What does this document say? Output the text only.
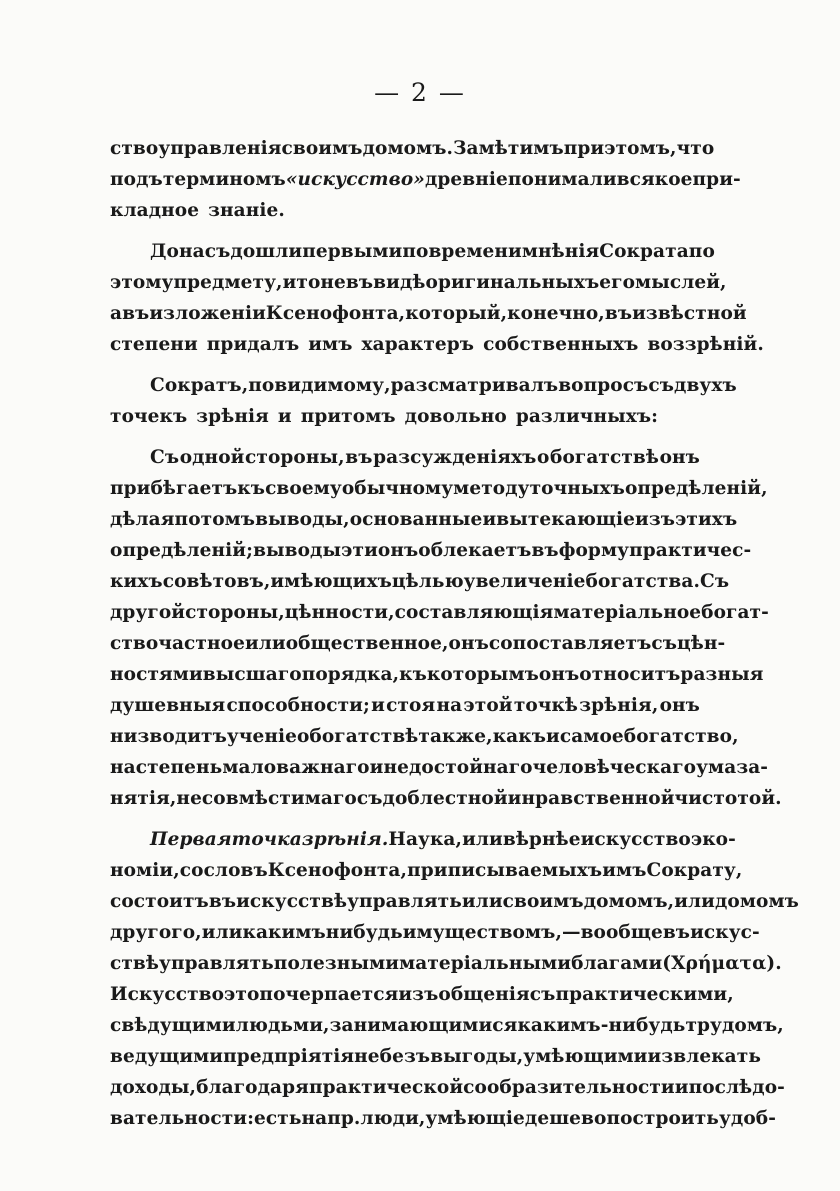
— 2 —
ство управленія своимъ домомъ. Замѣтимъ при этомъ, что
подъ терминомъ «искусство» древніе понимали всякое при-
кладное знаніе.
До насъ дошли первыми по времени мнѣнія Сократа по
этому предмету, и то не въ видѣ оригинальныхъ его мыслей,
а въ изложеніи Ксенофонта, который, конечно, въ извѣстной
степени придалъ имъ характеръ собственныхъ воззрѣній.
Сократъ, повидимому, разсматривалъ вопросъ съ двухъ
точекъ зрѣнія и притомъ довольно различныхъ:
Съ одной стороны, въ разсужденіяхъ о богатствѣ онъ
прибѣгаетъ къ своему обычному методу точныхъ опредѣленій,
дѣлая потомъ выводы, основанные и вытекающіе изъ этихъ
опредѣленій; выводы эти онъ облекаетъ въ форму практичес-
кихъ совѣтовъ, имѣющихъ цѣлью увеличеніе богатства. Съ
другой стороны, цѣнности, составляющія матеріальное богат-
ство частное или общественное, онъ сопоставляетъ съ цѣн-
ностями высшаго порядка, къ которымъ онъ относитъ разныя
душевныя способности; и стоя на этой точкѣ зрѣнія, онъ
низводитъ ученіе о богатствѣ также, какъ и самое богатство,
на степень маловажнаго и недостойнаго человѣческаго ума за-
нятія, несовмѣстимаго съ доблестной и нравственной чистотой.
Первая точка зрѣнія. Наука, или вѣрнѣе искусство эко-
номіи, со словъ Ксенофонта, приписываемыхъ имъ Сократу,
состоитъ въ искусствѣ управлять или своимъ домомъ, или домомъ
другого, или какимъ нибудь имуществомъ,—вообще въ искус-
ствѣ управлять полезными матеріальными благами (Χρήματα).
Искусство это почерпается изъ общенія съ практическими,
свѣдущими людьми, занимающимися какимъ-нибудь трудомъ,
ведущими предпріятія не безъ выгоды, умѣющими извлекать
доходы, благодаря практической сообразительности и послѣдо-
вательности: есть напр. люди, умѣющіе дешево построить удоб-
